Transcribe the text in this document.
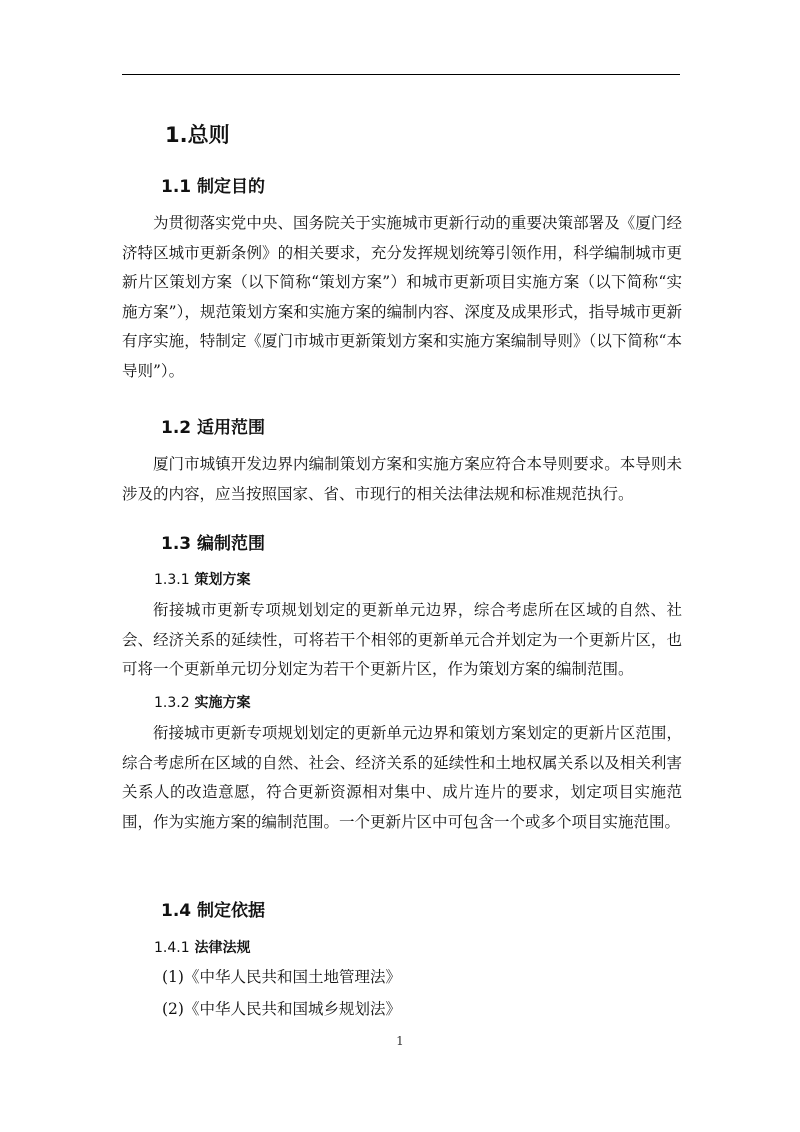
1.总则
1.1 制定目的

为贯彻落实党中央、国务院关于实施城市更新行动的重要决策部署及《厦门经济特区城市更新条例》的相关要求，充分发挥规划统筹引领作用，科学编制城市更新片区策划方案（以下简称“策划方案”）和城市更新项目实施方案（以下简称“实施方案”），规范策划方案和实施方案的编制内容、深度及成果形式，指导城市更新有序实施，特制定《厦门市城市更新策划方案和实施方案编制导则》（以下简称“本导则”）。

1.2 适用范围

厦门市城镇开发边界内编制策划方案和实施方案应符合本导则要求。本导则未涉及的内容，应当按照国家、省、市现行的相关法律法规和标准规范执行。

1.3 编制范围
1.3.1 策划方案

衔接城市更新专项规划划定的更新单元边界，综合考虑所在区域的自然、社会、经济关系的延续性，可将若干个相邻的更新单元合并划定为一个更新片区，也可将一个更新单元切分划定为若干个更新片区，作为策划方案的编制范围。

1.3.2 实施方案

衔接城市更新专项规划划定的更新单元边界和策划方案划定的更新片区范围，综合考虑所在区域的自然、社会、经济关系的延续性和土地权属关系以及相关利害关系人的改造意愿，符合更新资源相对集中、成片连片的要求，划定项目实施范围，作为实施方案的编制范围。一个更新片区中可包含一个或多个项目实施范围。

1.4 制定依据
1.4.1 法律法规
(1)《中华人民共和国土地管理法》
(2)《中华人民共和国城乡规划法》
1
